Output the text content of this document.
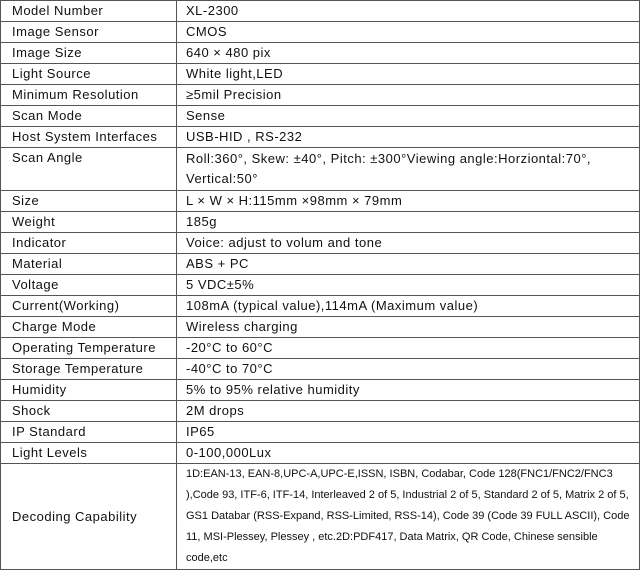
Model Number	XL-2300
Image Sensor	CMOS
Image Size	640 × 480 pix
Light Source	White light,LED
Minimum Resolution	≥5mil Precision
Scan Mode	Sense
Host System Interfaces	USB-HID , RS-232
Scan Angle	Roll:360°, Skew: ±40°, Pitch: ±300°Viewing angle:Horziontal:70°, Vertical:50°
Size	L × W × H:115mm ×98mm × 79mm
Weight	185g
Indicator	Voice: adjust to volum and tone
Material	ABS + PC
Voltage	5 VDC±5%
Current(Working)	108mA (typical value),114mA (Maximum value)
Charge Mode	Wireless charging
Operating Temperature	-20°C to 60°C
Storage Temperature	-40°C to 70°C
Humidity	5% to 95% relative humidity
Shock	2M drops
IP Standard	IP65
Light Levels	0-100,000Lux
Decoding Capability	1D:EAN-13, EAN-8,UPC-A,UPC-E,ISSN, ISBN, Codabar, Code 128(FNC1/FNC2/FNC3 ),Code 93, ITF-6, ITF-14, Interleaved 2 of 5, Industrial 2 of 5, Standard 2 of 5, Matrix 2 of 5, GS1 Databar (RSS-Expand, RSS-Limited, RSS-14), Code 39 (Code 39 FULL ASCII), Code 11, MSI-Plessey, Plessey , etc.2D:PDF417, Data Matrix, QR Code, Chinese sensible code,etc
